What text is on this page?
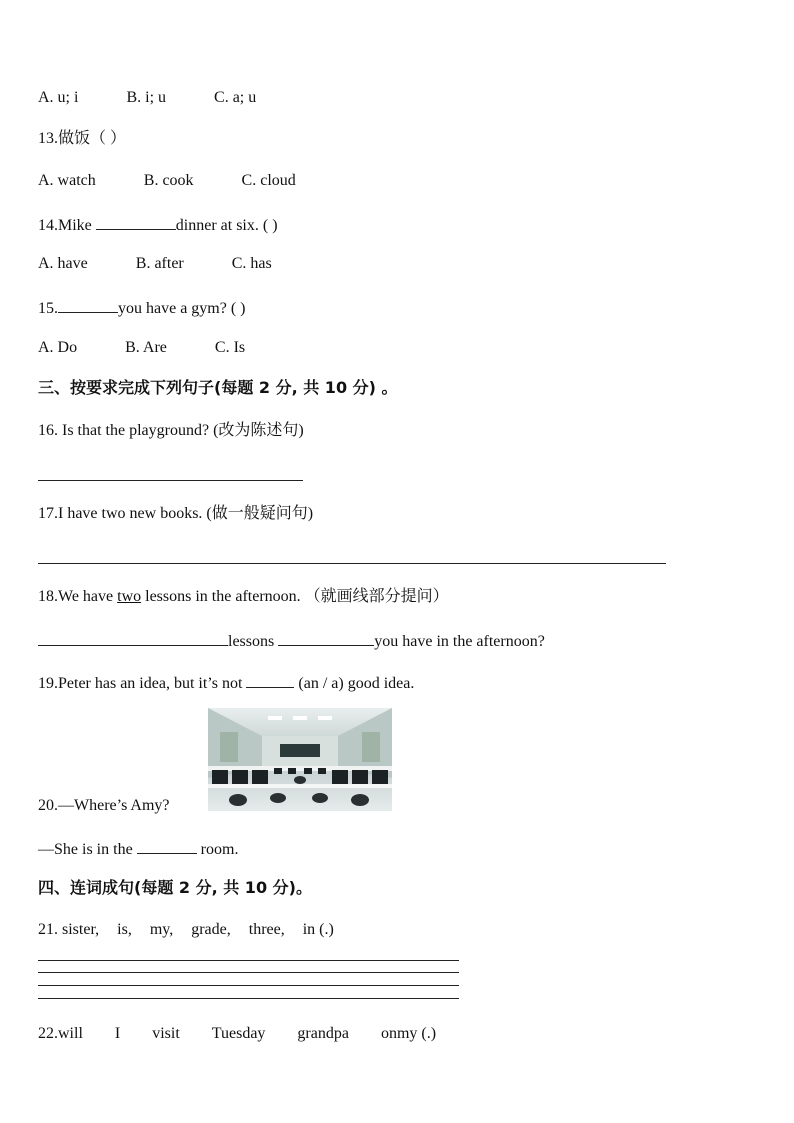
A. u; i	B. i; u	C. a; u
13.做饭（ ）
A. watch	B. cook	C. cloud
14.Mike	dinner at six. ( )
A. have	B. after	C. has
15.	you have a gym? ( )
A. Do	B. Are	C. Is
三、按要求完成下列句子(每题 2 分, 共 10 分) 。
16. Is that the playground? (改为陈述句)
17.I have two new books. (做一般疑问句)
18.We have two lessons in the afternoon. （就画线部分提问）
lessons	you have in the afternoon?
19.Peter has an idea, but it’s not	(an / a) good idea.
20.—Where’s Amy?
—She is in the	room.
四、连词成句(每题 2 分, 共 10 分)。
21. sister, is, my, grade, three, in (.)
22.will I visit Tuesday grandpa onmy (.)
